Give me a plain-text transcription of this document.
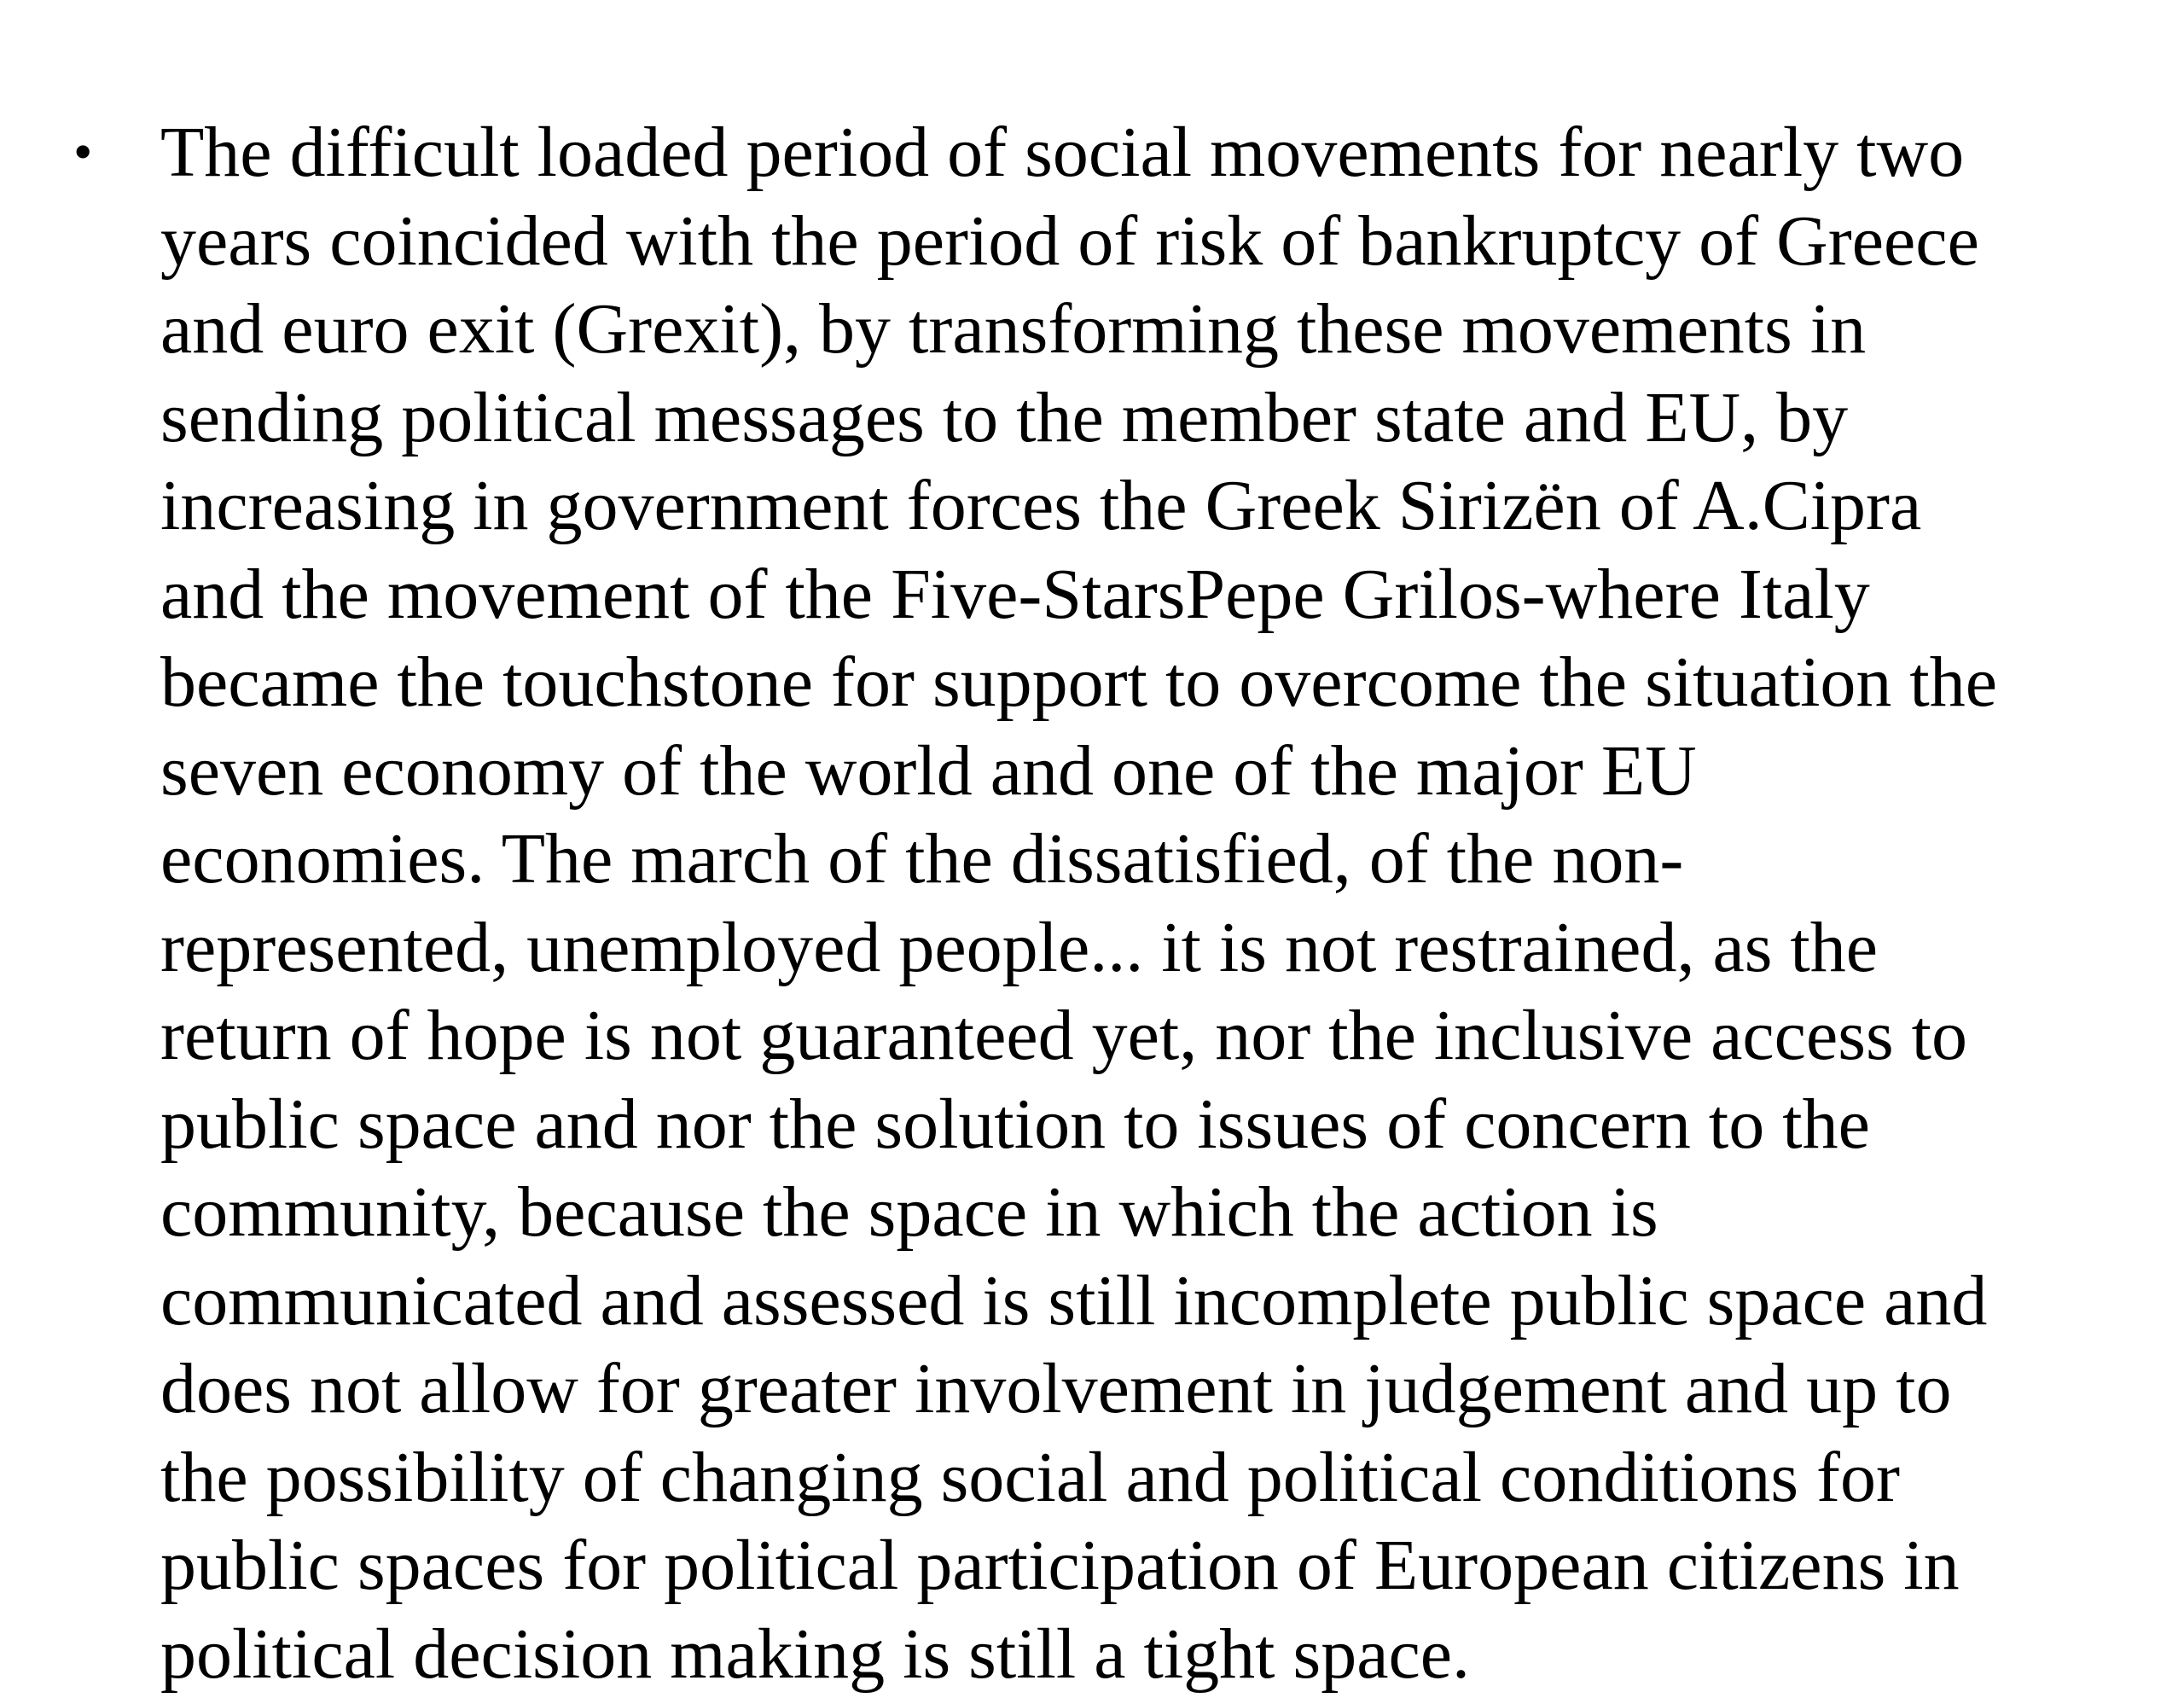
• The difficult loaded period of social movements for nearly two
years coincided with the period of risk of bankruptcy of Greece
and euro exit (Grexit), by transforming these movements in
sending political messages to the member state and EU, by
increasing in government forces the Greek Sirizën of A.Cipra
and the movement of the Five-StarsPepe Grilos-where Italy
became the touchstone for support to overcome the situation the
seven economy of the world and one of the major EU
economies. The march of the dissatisfied, of the non-
represented, unemployed people... it is not restrained, as the
return of hope is not guaranteed yet, nor the inclusive access to
public space and nor the solution to issues of concern to the
community, because the space in which the action is
communicated and assessed is still incomplete public space and
does not allow for greater involvement in judgement and up to
the possibility of changing social and political conditions for
public spaces for political participation of European citizens in
political decision making is still a tight space.
